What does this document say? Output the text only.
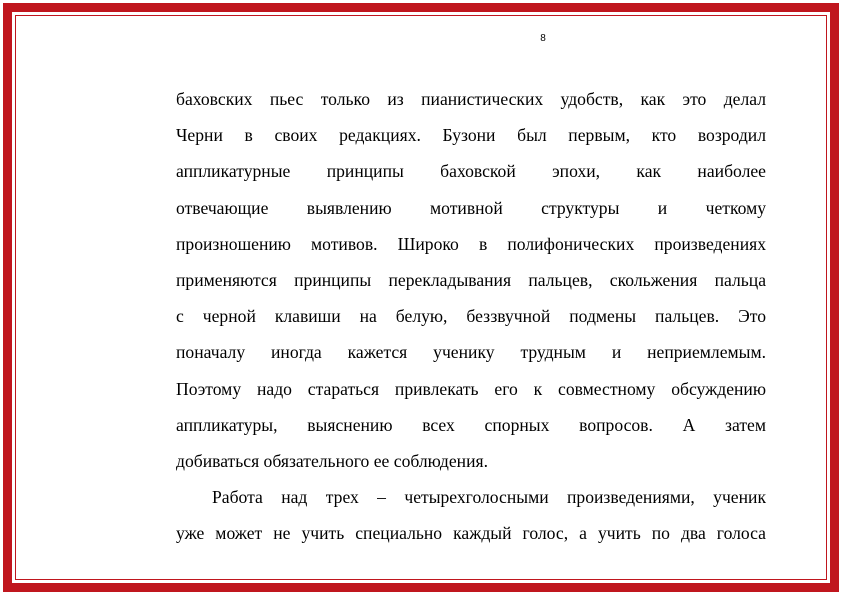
8
баховских пьес только из пианистических удобств, как это делал
Черни в своих редакциях. Бузони был первым, кто возродил
аппликатурные принципы баховской эпохи, как наиболее
отвечающие выявлению мотивной структуры и четкому
произношению мотивов. Широко в полифонических произведениях
применяются принципы перекладывания пальцев, скольжения пальца
с черной клавиши на белую, беззвучной подмены пальцев. Это
поначалу иногда кажется ученику трудным и неприемлемым.
Поэтому надо стараться привлекать его к совместному обсуждению
аппликатуры, выяснению всех спорных вопросов. А затем
добиваться обязательного ее соблюдения.
Работа над трех – четырехголосными произведениями, ученик
уже может не учить специально каждый голос, а учить по два голоса
